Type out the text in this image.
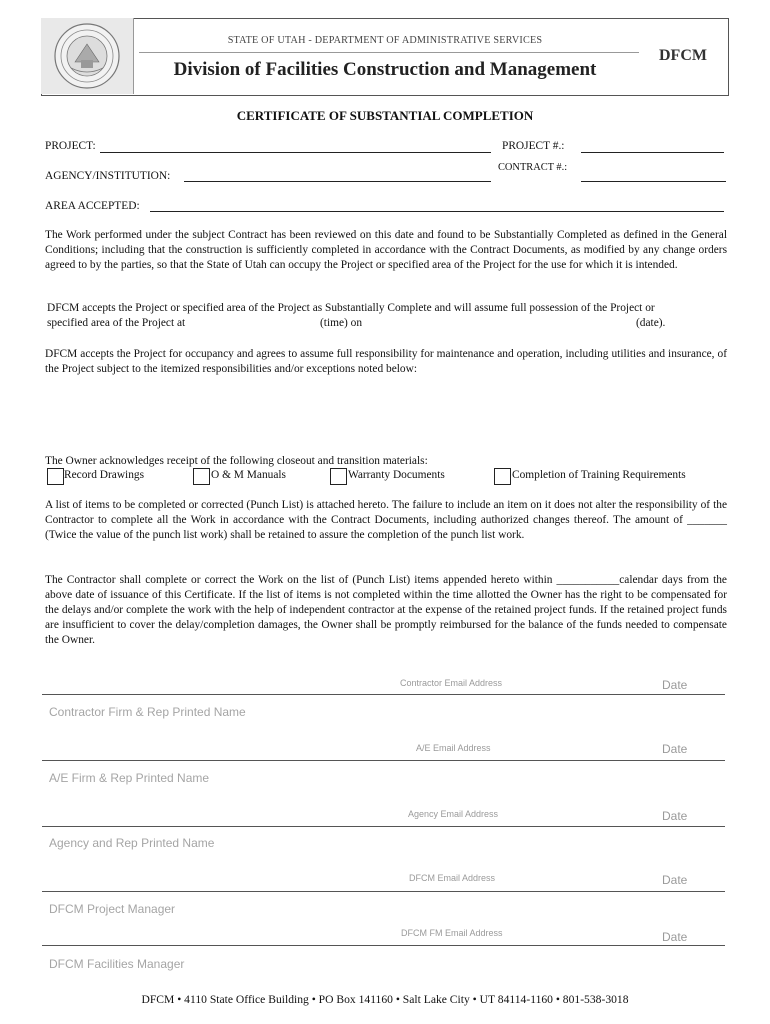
STATE OF UTAH - DEPARTMENT OF ADMINISTRATIVE SERVICES
Division of Facilities Construction and Management
DFCM
CERTIFICATE OF SUBSTANTIAL COMPLETION
PROJECT:	PROJECT #.:
CONTRACT #.:
AGENCY/INSTITUTION:
AREA ACCEPTED:
The Work performed under the subject Contract has been reviewed on this date and found to be Substantially Completed as defined in the General Conditions; including that the construction is sufficiently completed in accordance with the Contract Documents, as modified by any change orders agreed to by the parties, so that the State of Utah can occupy the Project or specified area of the Project for the use for which it is intended.
DFCM accepts the Project or specified area of the Project as Substantially Complete and will assume full possession of the Project or
specified area of the Project at	(time) on	(date).
DFCM accepts the Project for occupancy and agrees to assume full responsibility for maintenance and operation, including utilities and insurance, of the Project subject to the itemized responsibilities and/or exceptions noted below:
The Owner acknowledges receipt of the following closeout and transition materials:
Record Drawings	O & M Manuals	Warranty Documents	Completion of Training Requirements
A list of items to be completed or corrected (Punch List) is attached hereto. The failure to include an item on it does not alter the responsibility of the Contractor to complete all the Work in accordance with the Contract Documents, including authorized changes thereof. The amount of _______ (Twice the value of the punch list work) shall be retained to assure the completion of the punch list work.
The Contractor shall complete or correct the Work on the list of (Punch List) items appended hereto within ___________calendar days from the above date of issuance of this Certificate. If the list of items is not completed within the time allotted the Owner has the right to be compensated for the delays and/or complete the work with the help of independent contractor at the expense of the retained project funds. If the retained project funds are insufficient to cover the delay/completion damages, the Owner shall be promptly reimbursed for the balance of the funds needed to compensate the Owner.
Contractor Email Address	Date
Contractor Firm & Rep Printed Name
A/E Email Address	Date
A/E Firm & Rep Printed Name
Agency Email Address	Date
Agency and Rep Printed Name
DFCM Email Address	Date
DFCM Project Manager
DFCM FM Email Address	Date
DFCM Facilities Manager
DFCM • 4110 State Office Building • PO Box 141160 • Salt Lake City • UT 84114-1160 • 801-538-3018
